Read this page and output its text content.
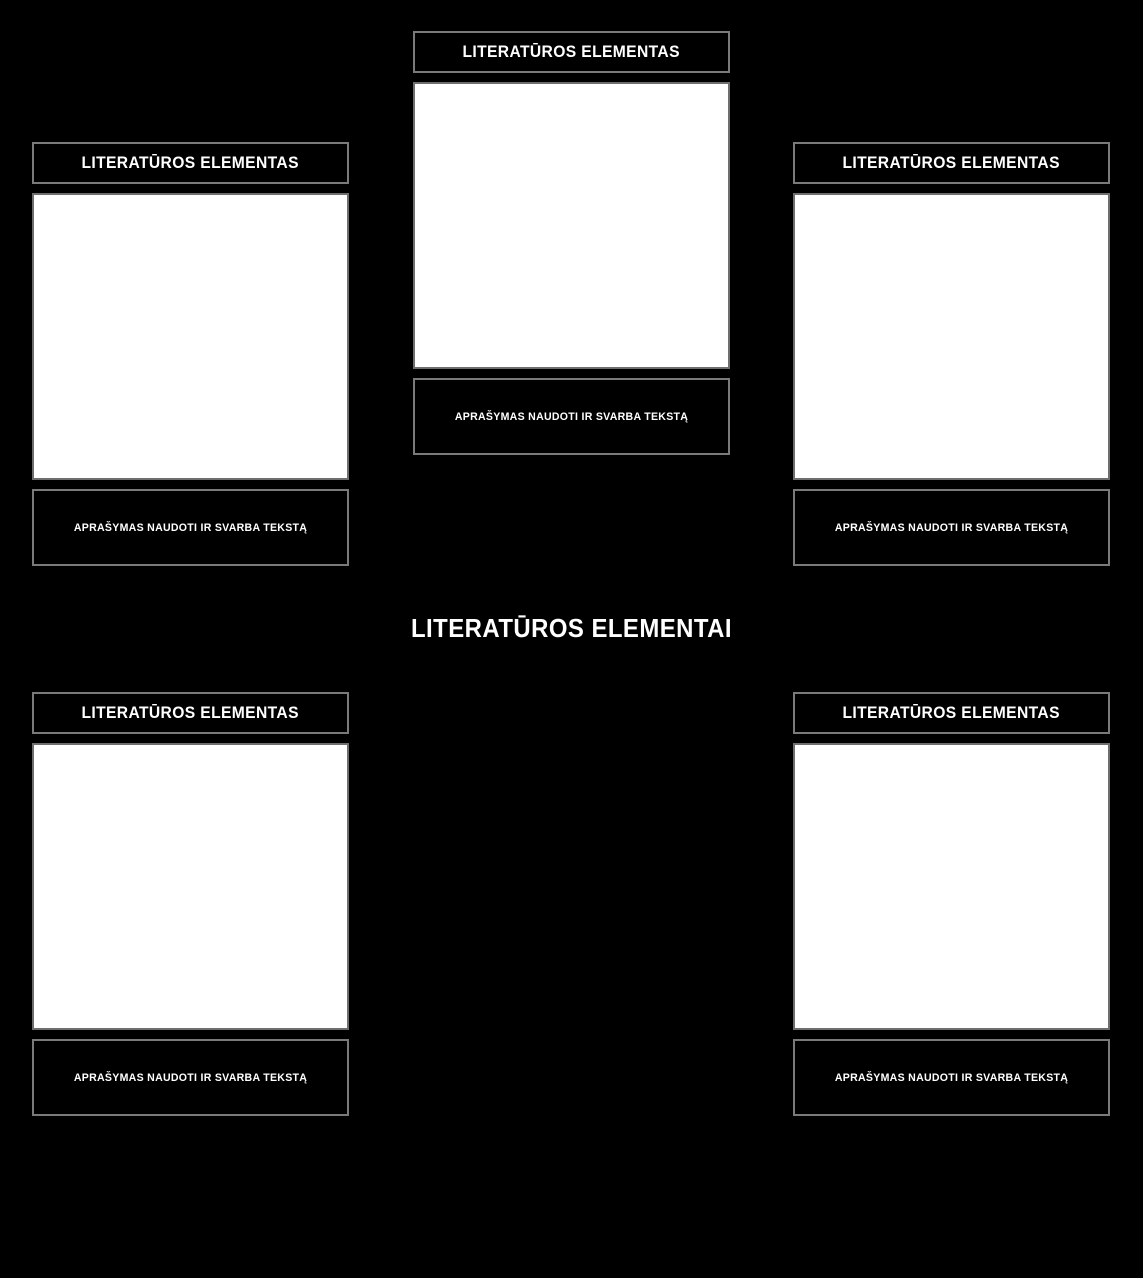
LITERATŪROS ELEMENTAS
APRAŠYMAS NAUDOTI IR SVARBA TEKSTĄ
LITERATŪROS ELEMENTAS
APRAŠYMAS NAUDOTI IR SVARBA TEKSTĄ
LITERATŪROS ELEMENTAS
APRAŠYMAS NAUDOTI IR SVARBA TEKSTĄ
LITERATŪROS ELEMENTAI
LITERATŪROS ELEMENTAS
APRAŠYMAS NAUDOTI IR SVARBA TEKSTĄ
LITERATŪROS ELEMENTAS
APRAŠYMAS NAUDOTI IR SVARBA TEKSTĄ
